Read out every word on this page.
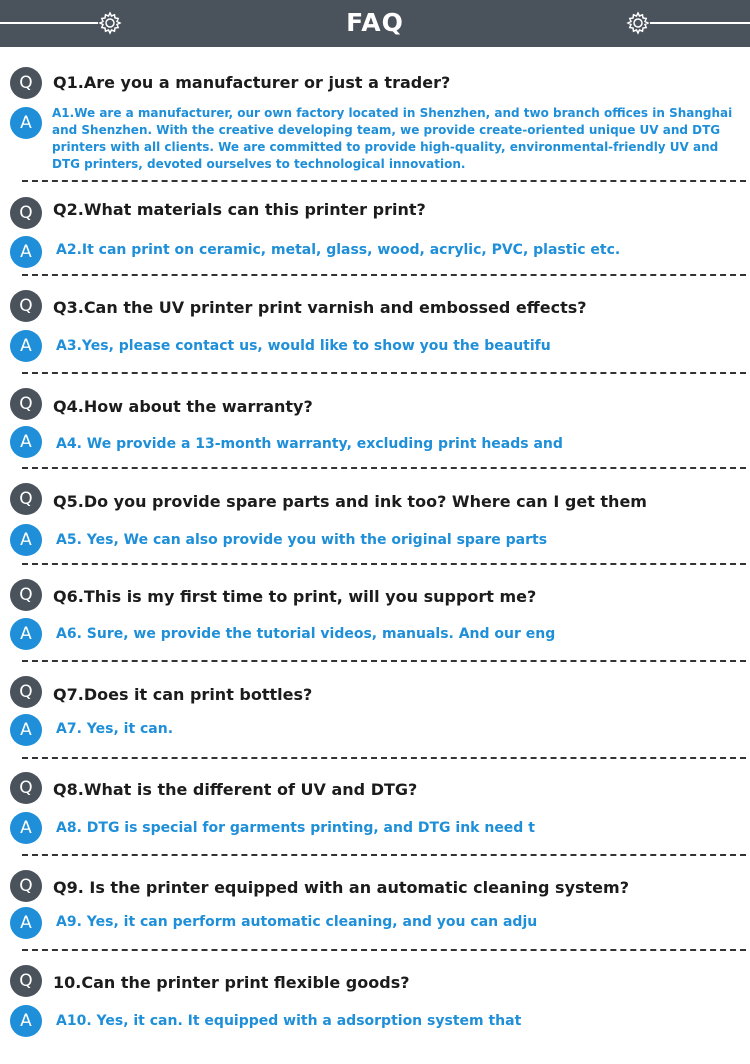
FAQ
Q	Q1.Are you a manufacturer or just a trader?
A	A1.We are a manufacturer, our own factory located in Shenzhen, and two branch offices in Shanghai and Shenzhen. With the creative developing team, we provide create-oriented unique UV and DTG printers with all clients. We are committed to provide high-quality, environmental-friendly UV and DTG printers, devoted ourselves to technological innovation.
Q	Q2.What materials can this printer print?
A	A2.It can print on ceramic, metal, glass, wood, acrylic, PVC, plastic etc.
Q	Q3.Can the UV printer print varnish and embossed effects?
A	A3.Yes, please contact us, would like to show you the beautifu
Q	Q4.How about the warranty?
A	A4. We provide a 13-month warranty, excluding print heads and
Q	Q5.Do you provide spare parts and ink too? Where can I get them
A	A5. Yes, We can also provide you with the original spare parts
Q	Q6.This is my first time to print, will you support me?
A	A6. Sure, we provide the tutorial videos, manuals. And our eng
Q	Q7.Does it can print bottles?
A	A7. Yes, it can.
Q	Q8.What is the different of UV and DTG?
A	A8. DTG is special for garments printing, and DTG ink need t
Q	Q9. Is the printer equipped with an automatic cleaning system?
A	A9. Yes, it can perform automatic cleaning, and you can adju
Q	10.Can the printer print flexible goods?
A	A10. Yes, it can. It equipped with a adsorption system that
